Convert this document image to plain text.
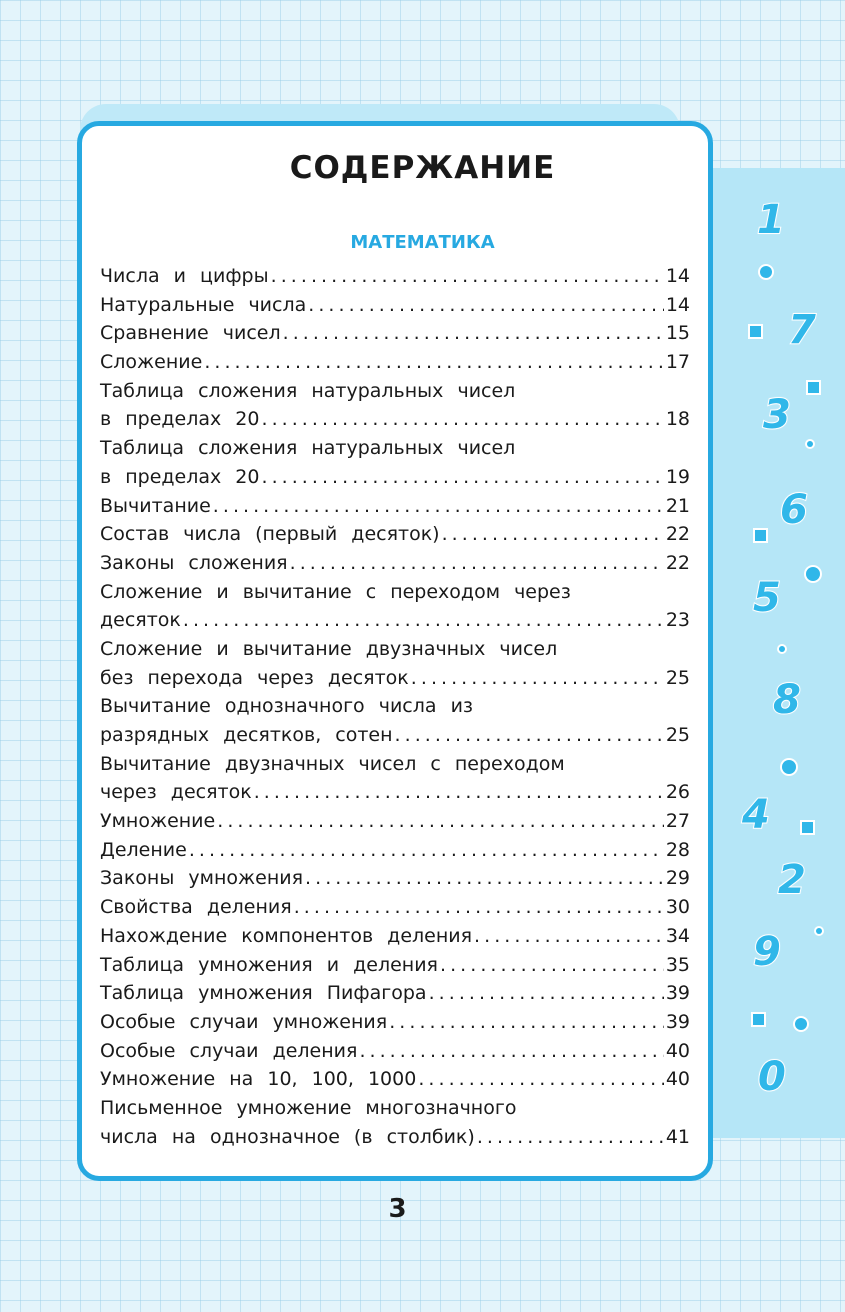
СОДЕРЖАНИЕ
МАТЕМАТИКА
Числа и цифры . . .	14
Натуральные числа . . .	14
Сравнение чисел . . .	15
Сложение . . .	17
Таблица сложения натуральных чисел
в пределах 20 . . .	18
Таблица сложения натуральных чисел
в пределах 20 . . .	19
Вычитание . . .	21
Состав числа (первый десяток) . . .	22
Законы сложения . . .	22
Сложение и вычитание с переходом через
десяток . . .	23
Сложение и вычитание двузначных чисел
без перехода через десяток . . .	25
Вычитание однозначного числа из
разрядных десятков, сотен . . .	25
Вычитание двузначных чисел с переходом
через десяток . . .	26
Умножение . . .	27
Деление . . .	28
Законы умножения . . .	29
Свойства деления . . .	30
Нахождение компонентов деления . . .	34
Таблица умножения и деления . . .	35
Таблица умножения Пифагора . . .	39
Особые случаи умножения . . .	39
Особые случаи деления . . .	40
Умножение на 10, 100, 1000 . . .	40
Письменное умножение многозначного
числа на однозначное (в столбик) . . .	41
3
1
7
3
6
5
8
4
2
9
0
